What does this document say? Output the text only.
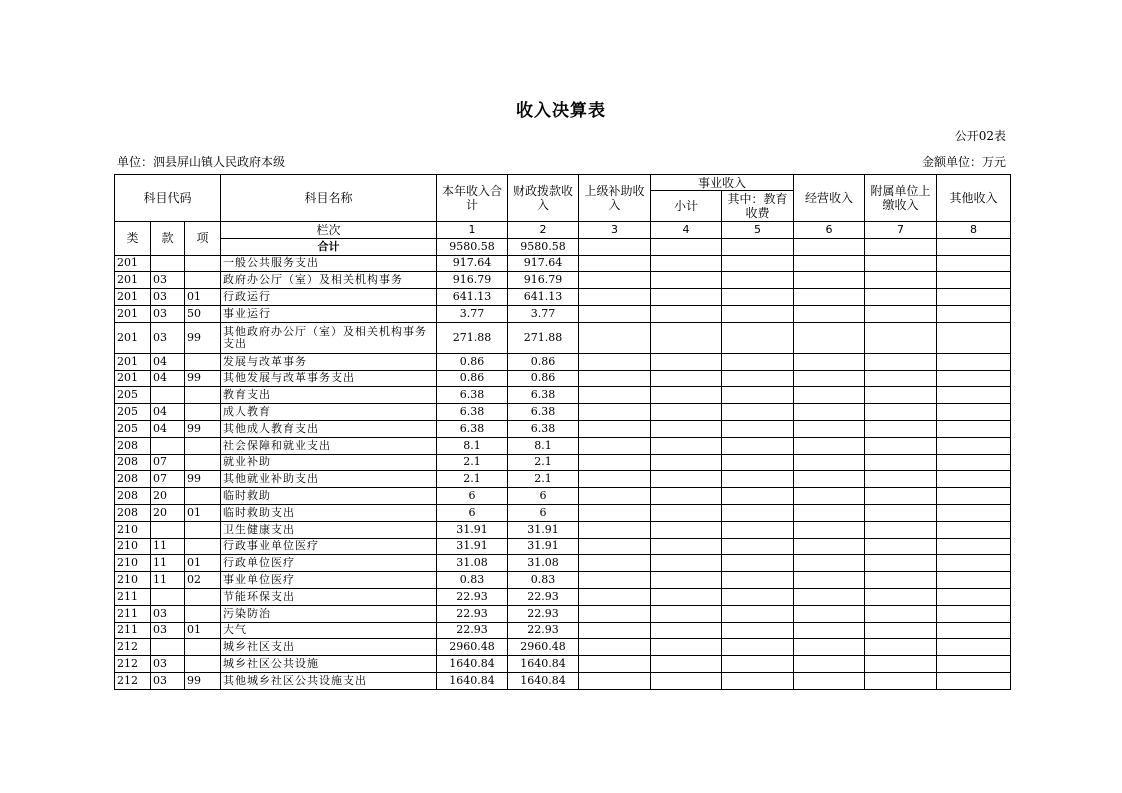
收入决算表
公开02表
单位：泗县屏山镇人民政府本级	金额单位：万元
科目代码			科目名称	本年收入合计	财政拨款收入	上级补助收入	事业收入		经营收入	附属单位上缴收入	其他收入
							小计	其中：教育收费			
类	款	项	栏次	1	2	3	4	5	6	7	8
			合计	9580.58	9580.58						
201			一般公共服务支出	917.64	917.64						
201	03		政府办公厅（室）及相关机构事务	916.79	916.79						
201	03	01	行政运行	641.13	641.13						
201	03	50	事业运行	3.77	3.77						
201	03	99	其他政府办公厅（室）及相关机构事务支出	271.88	271.88						
201	04		发展与改革事务	0.86	0.86						
201	04	99	其他发展与改革事务支出	0.86	0.86						
205			教育支出	6.38	6.38						
205	04		成人教育	6.38	6.38						
205	04	99	其他成人教育支出	6.38	6.38						
208			社会保障和就业支出	8.1	8.1						
208	07		就业补助	2.1	2.1						
208	07	99	其他就业补助支出	2.1	2.1						
208	20		临时救助	6	6						
208	20	01	临时救助支出	6	6						
210			卫生健康支出	31.91	31.91						
210	11		行政事业单位医疗	31.91	31.91						
210	11	01	行政单位医疗	31.08	31.08						
210	11	02	事业单位医疗	0.83	0.83						
211			节能环保支出	22.93	22.93						
211	03		污染防治	22.93	22.93						
211	03	01	大气	22.93	22.93						
212			城乡社区支出	2960.48	2960.48						
212	03		城乡社区公共设施	1640.84	1640.84						
212	03	99	其他城乡社区公共设施支出	1640.84	1640.84						
